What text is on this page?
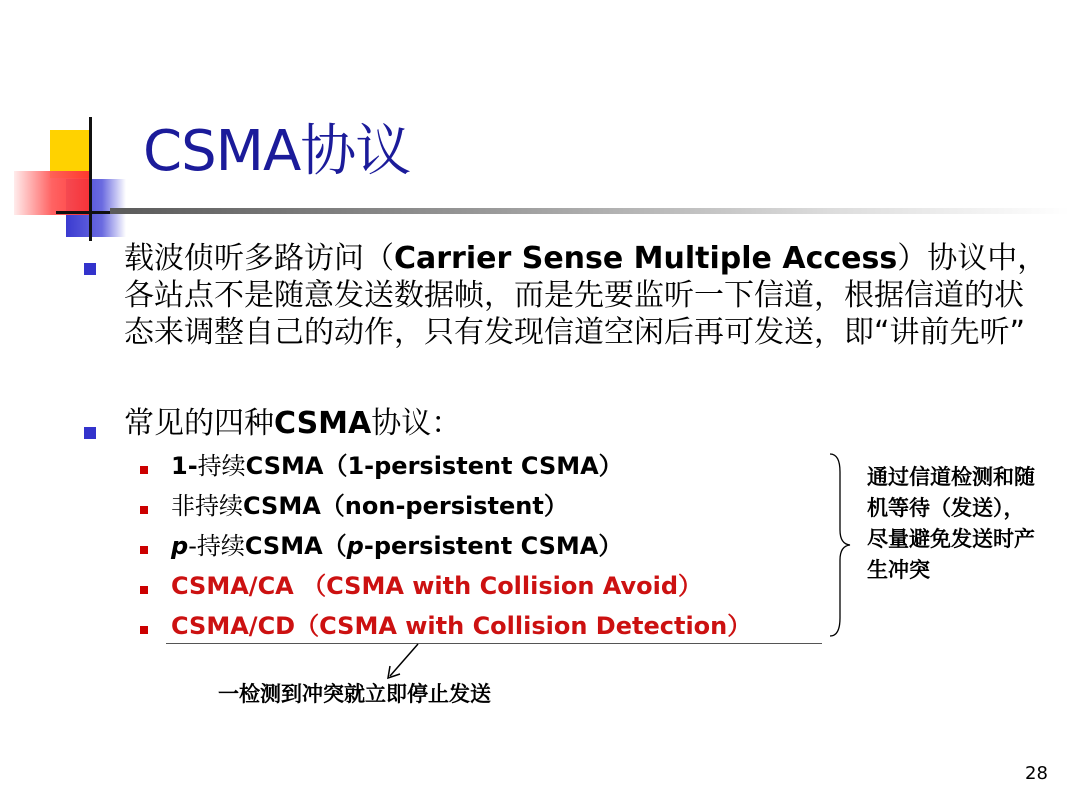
CSMA协议

载波侦听多路访问（Carrier Sense Multiple Access）协议中，各站点不是随意发送数据帧，而是先要监听一下信道，根据信道的状态来调整自己的动作，只有发现信道空闲后再可发送，即“讲前先听”

常见的四种CSMA协议：

1-持续CSMA（1-persistent CSMA）

非持续CSMA（non-persistent）

p-持续CSMA（p-persistent CSMA）

CSMA/CA （CSMA with Collision Avoid）

CSMA/CD（CSMA with Collision Detection）

一检测到冲突就立即停止发送

通过信道检测和随机等待（发送），尽量避免发送时产生冲突

28
